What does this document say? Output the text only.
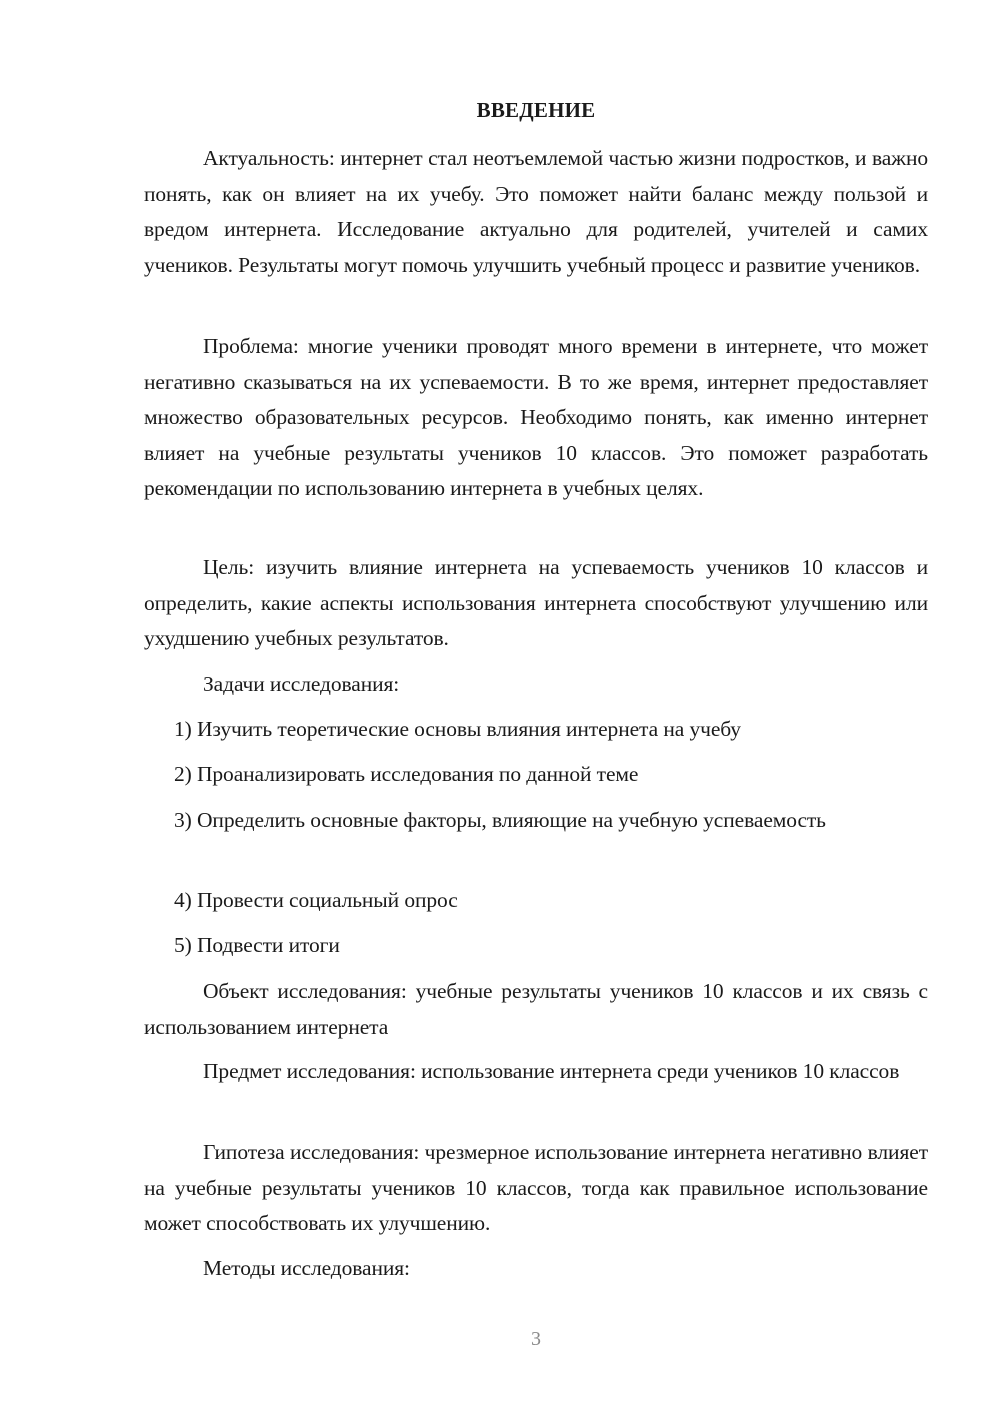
ВВЕДЕНИЕ

Актуальность: интернет стал неотъемлемой частью жизни подростков, и важно понять, как он влияет на их учебу. Это поможет найти баланс между пользой и вредом интернета. Исследование актуально для родителей, учителей и самих учеников. Результаты могут помочь улучшить учебный процесс и развитие учеников.

Проблема: многие ученики проводят много времени в интернете, что может негативно сказываться на их успеваемости. В то же время, интернет предоставляет множество образовательных ресурсов. Необходимо понять, как именно интернет влияет на учебные результаты учеников 10 классов. Это поможет разработать рекомендации по использованию интернета в учебных целях.

Цель: изучить влияние интернета на успеваемость учеников 10 классов и определить, какие аспекты использования интернета способствуют улучшению или ухудшению учебных результатов.

Задачи исследования:

1) Изучить теоретические основы влияния интернета на учебу

2) Проанализировать исследования по данной теме

3) Определить основные факторы, влияющие на учебную успеваемость

4) Провести социальный опрос

5) Подвести итоги

Объект исследования: учебные результаты учеников 10 классов и их связь с использованием интернета

Предмет исследования: использование интернета среди учеников 10 классов

Гипотеза исследования: чрезмерное использование интернета негативно влияет на учебные результаты учеников 10 классов, тогда как правильное использование может способствовать их улучшению.

Методы исследования:

3
